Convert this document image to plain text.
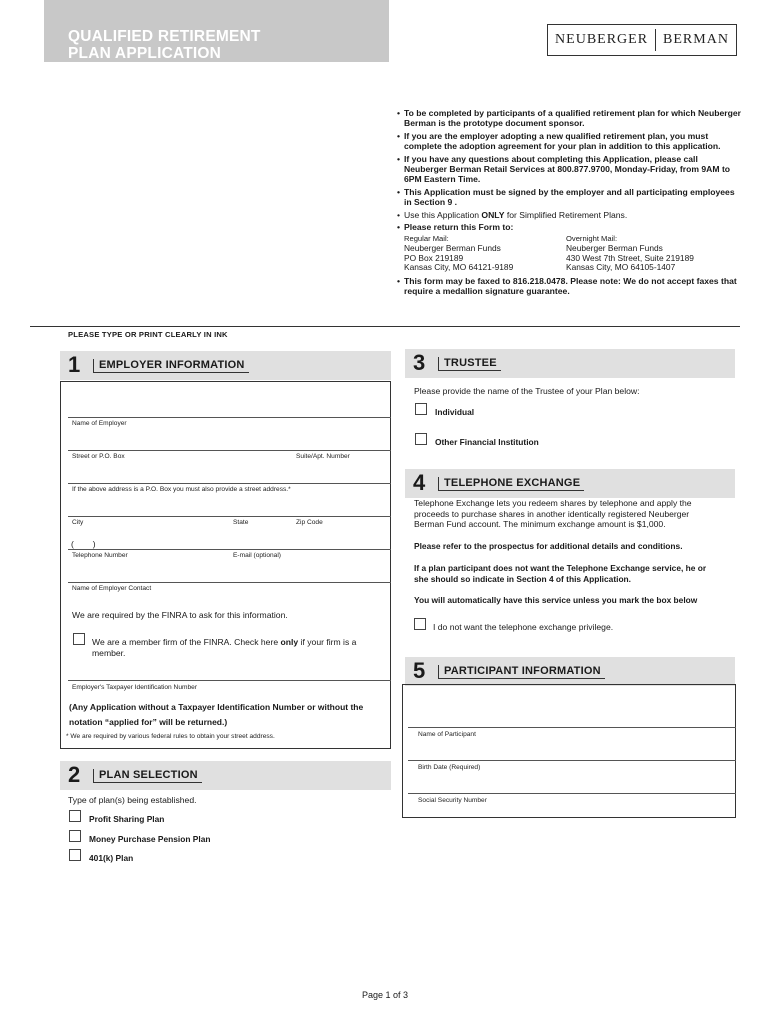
QUALIFIED RETIREMENT
PLAN APPLICATION
NEUBERGER BERMAN
• To be completed by participants of a qualified retirement plan for which Neuberger Berman is the prototype document sponsor.
• If you are the employer adopting a new qualified retirement plan, you must complete the adoption agreement for your plan in addition to this application.
• If you have any questions about completing this Application, please call Neuberger Berman Retail Services at 800.877.9700, Monday-Friday, from 9AM to 6PM Eastern Time.
• This Application must be signed by the employer and all participating employees in Section 9 .
• Use this Application ONLY for Simplified Retirement Plans.
• Please return this Form to:
Regular Mail:
Neuberger Berman Funds
PO Box 219189
Kansas City, MO 64121-9189
Overnight Mail:
Neuberger Berman Funds
430 West 7th Street, Suite 219189
Kansas City, MO 64105-1407
• This form may be faxed to 816.218.0478. Please note: We do not accept faxes that require a medallion signature guarantee.
PLEASE TYPE OR PRINT CLEARLY IN INK
1	EMPLOYER INFORMATION
Name of Employer
Street or P.O. Box	Suite/Apt. Number
If the above address is a P.O. Box you must also provide a street address.*
City	State	Zip Code
(        )
Telephone Number	E-mail (optional)
Name of Employer Contact
We are required by the FINRA to ask for this information.
We are a member firm of the FINRA. Check here only if your firm is a member.
Employer's Taxpayer Identification Number
(Any Application without a Taxpayer Identification Number or without the notation “applied for” will be returned.)
* We are required by various federal rules to obtain your street address.
2	PLAN SELECTION
Type of plan(s) being established.
Profit Sharing Plan
Money Purchase Pension Plan
401(k) Plan
3	TRUSTEE
Please provide the name of the Trustee of your Plan below:
Individual
Other Financial Institution
4	TELEPHONE EXCHANGE
Telephone Exchange lets you redeem shares by telephone and apply the proceeds to purchase shares in another identically registered Neuberger Berman Fund account. The minimum exchange amount is $1,000.
Please refer to the prospectus for additional details and conditions.
If a plan participant does not want the Telephone Exchange service, he or she should so indicate in Section 4 of this Application.
You will automatically have this service unless you mark the box below
I do not want the telephone exchange privilege.
5	PARTICIPANT INFORMATION
Name of Participant
Birth Date (Required)
Social Security Number
Page 1 of 3
